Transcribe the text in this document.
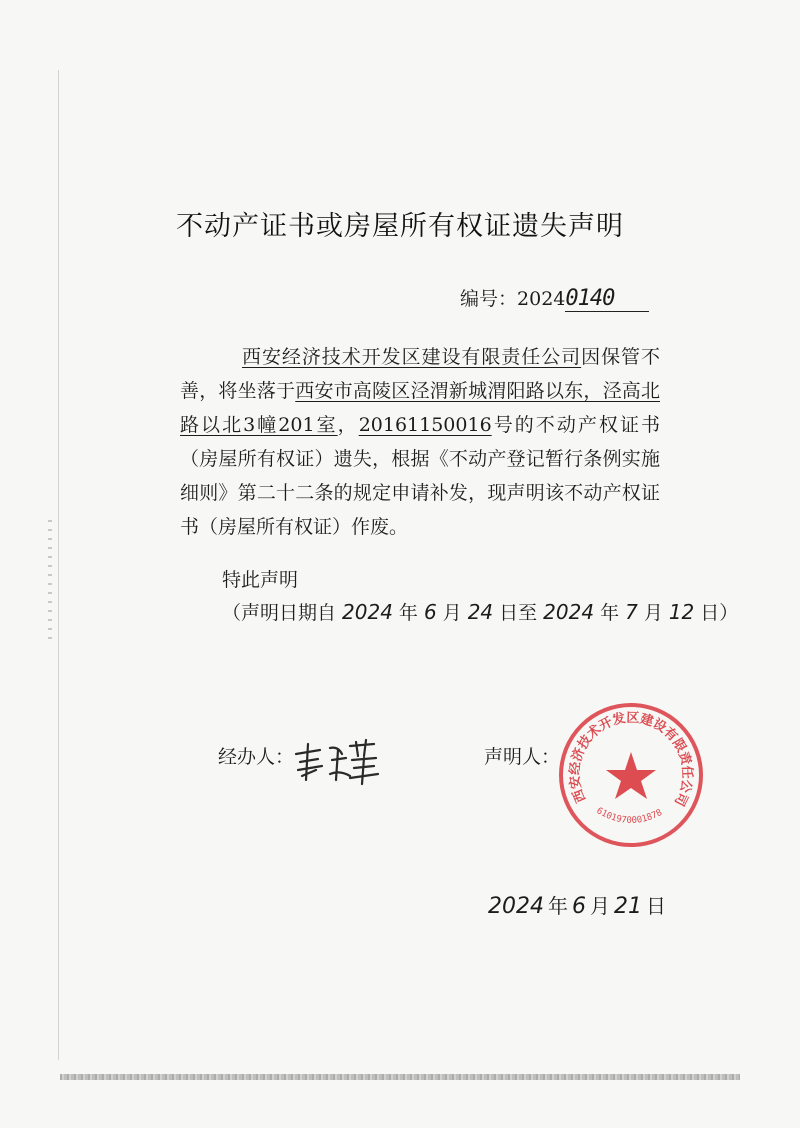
不动产证书或房屋所有权证遗失声明
编号：20240140
西安经济技术开发区建设有限责任公司因保管不善，将坐落于西安市高陵区泾渭新城渭阳路以东，泾高北路以北3幢201室，20161150016号的不动产权证书（房屋所有权证）遗失，根据《不动产登记暂行条例实施细则》第二十二条的规定申请补发，现声明该不动产权证书（房屋所有权证）作废。
特此声明
（声明日期自 2024 年 6 月 24 日至 2024 年 7 月 12 日）
经办人：	声明人：
西安经济技术开发区建设有限责任公司
6101970001878
2024 年 6 月 21 日
